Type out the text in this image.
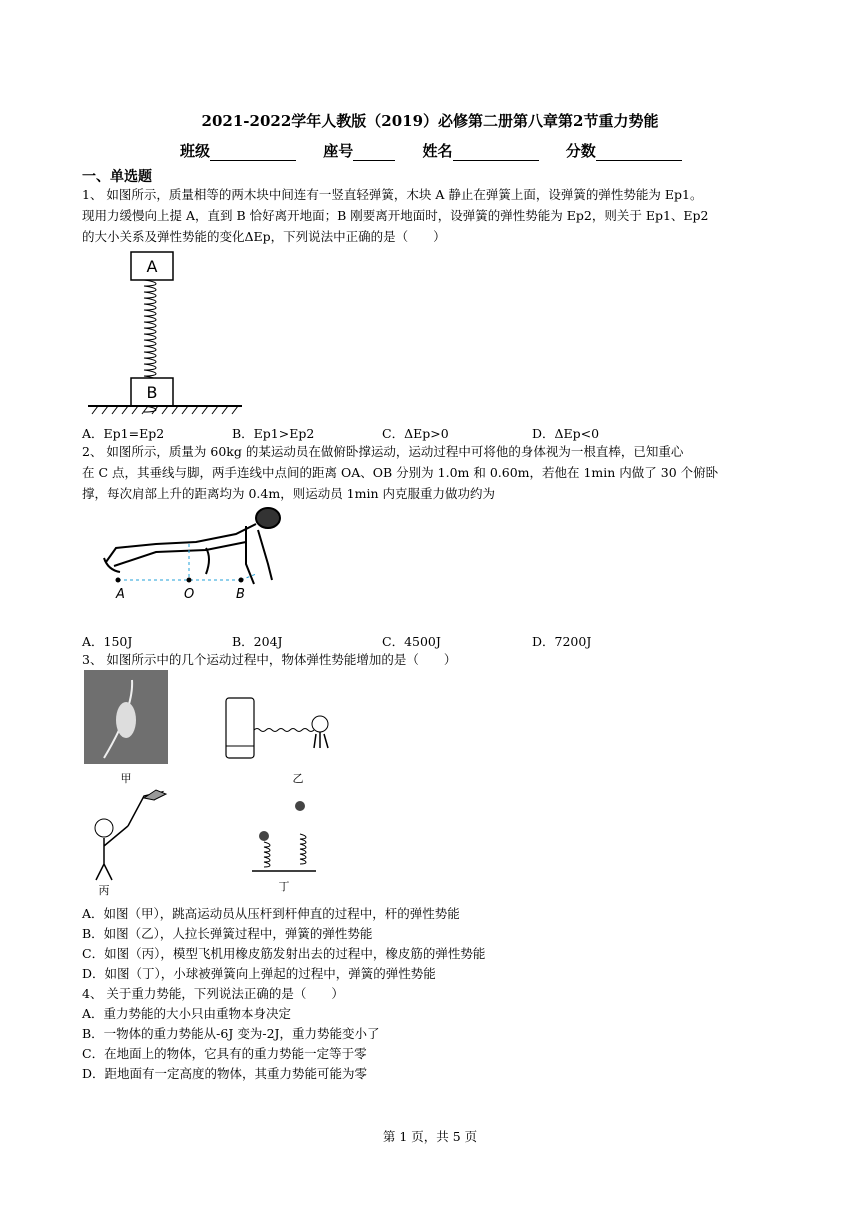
2021-2022学年人教版（2019）必修第二册第八章第2节重力势能
班级	座号	姓名	分数
一、单选题
1、 如图所示，质量相等的两木块中间连有一竖直轻弹簧，木块 A 静止在弹簧上面，设弹簧的弹性势能为 Ep1。
现用力缓慢向上提 A，直到 B 恰好离开地面；B 刚要离开地面时，设弹簧的弹性势能为 Ep2，则关于 Ep1、Ep2
的大小关系及弹性势能的变化ΔEp，下列说法中正确的是（　　）
A
B
A．Ep1=Ep2	B．Ep1>Ep2	C．ΔEp>0	D．ΔEp<0
2、 如图所示，质量为 60kg 的某运动员在做俯卧撑运动，运动过程中可将他的身体视为一根直棒，已知重心
在 C 点，其垂线与脚，两手连线中点间的距离 OA、OB 分别为 1.0m 和 0.60m，若他在 1min 内做了 30 个俯卧
撑，每次肩部上升的距离均为 0.4m，则运动员 1min 内克服重力做功约为
A	O	B
A．150J	B．204J	C．4500J	D．7200J
3、 如图所示中的几个运动过程中，物体弹性势能增加的是（　　）
甲	乙
丙	丁
A．如图（甲），跳高运动员从压杆到杆伸直的过程中，杆的弹性势能
B．如图（乙），人拉长弹簧过程中，弹簧的弹性势能
C．如图（丙），模型飞机用橡皮筋发射出去的过程中，橡皮筋的弹性势能
D．如图（丁），小球被弹簧向上弹起的过程中，弹簧的弹性势能
4、 关于重力势能，下列说法正确的是（　　）
A．重力势能的大小只由重物本身决定
B．一物体的重力势能从-6J 变为-2J，重力势能变小了
C．在地面上的物体，它具有的重力势能一定等于零
D．距地面有一定高度的物体，其重力势能可能为零
第 1 页，共 5 页
